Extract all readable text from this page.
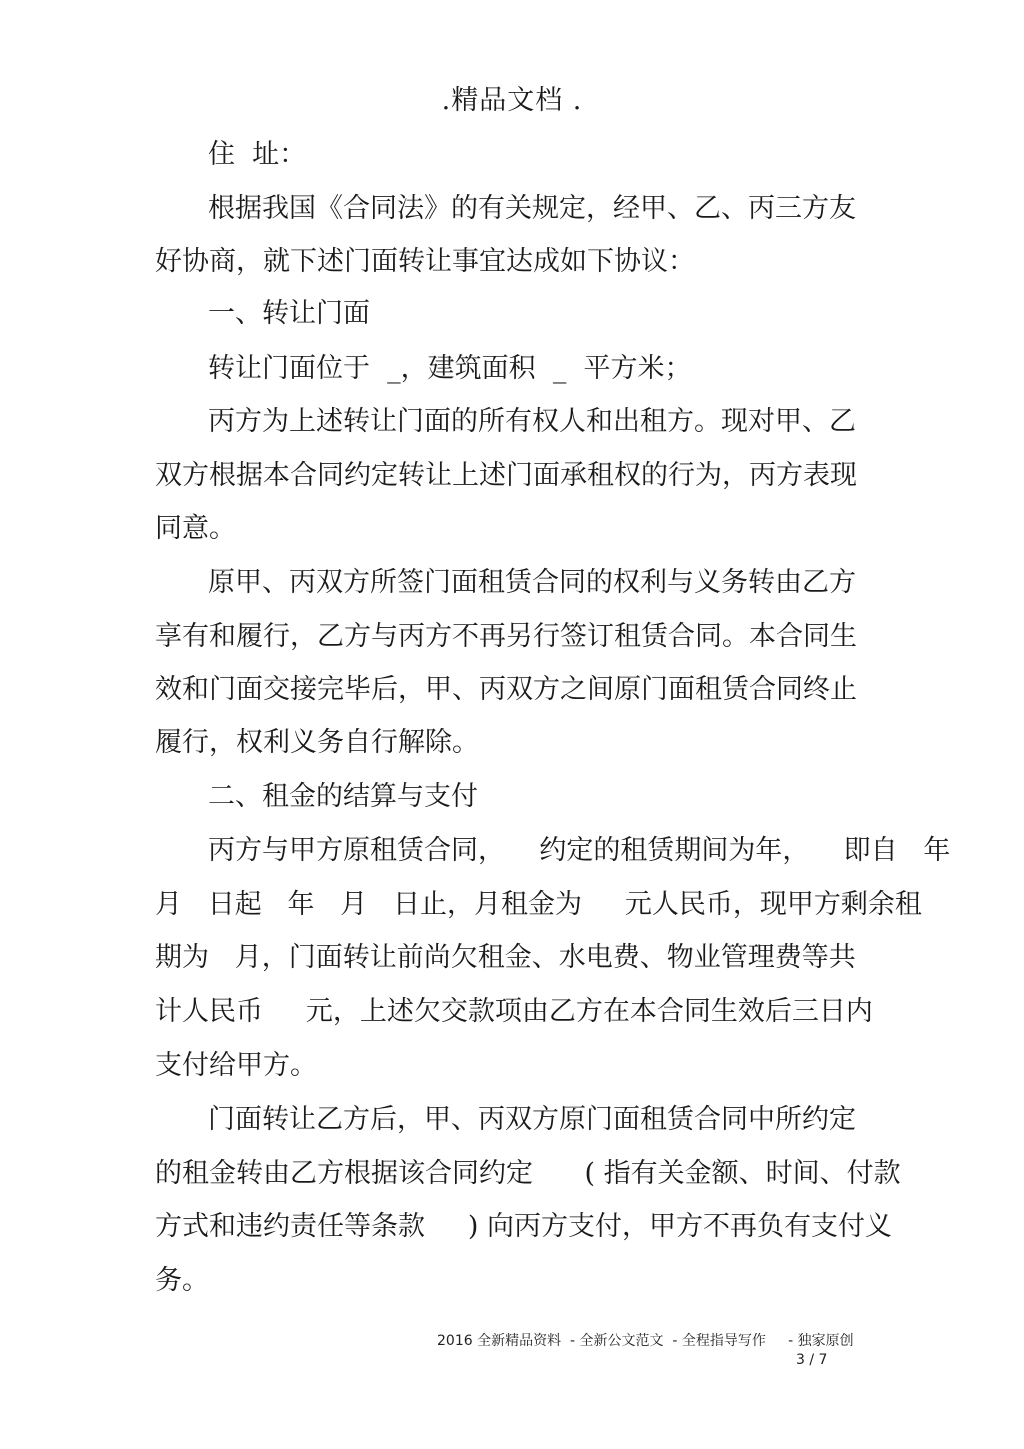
.精品文档 .
住  址：
根据我国《合同法》的有关规定，经甲、乙、丙三方友
好协商，就下述门面转让事宜达成如下协议：
一、转让门面
转让门面位于  _，建筑面积  _  平方米；
丙方为上述转让门面的所有权人和出租方。现对甲、乙
双方根据本合同约定转让上述门面承租权的行为，丙方表现
同意。
原甲、丙双方所签门面租赁合同的权利与义务转由乙方
享有和履行，乙方与丙方不再另行签订租赁合同。本合同生
效和门面交接完毕后，甲、丙双方之间原门面租赁合同终止
履行，权利义务自行解除。
二、租金的结算与支付
丙方与甲方原租赁合同，    约定的租赁期间为年，    即自   年
月   日起   年   月   日止，月租金为     元人民币，现甲方剩余租
期为   月，门面转让前尚欠租金、水电费、物业管理费等共
计人民币     元，上述欠交款项由乙方在本合同生效后三日内
支付给甲方。
门面转让乙方后，甲、丙双方原门面租赁合同中所约定
的租金转由乙方根据该合同约定      ( 指有关金额、时间、付款
方式和违约责任等条款     ) 向丙方支付，甲方不再负有支付义
务。
2016 全新精品资料  - 全新公文范文  - 全程指导写作     - 独家原创
3 / 7
